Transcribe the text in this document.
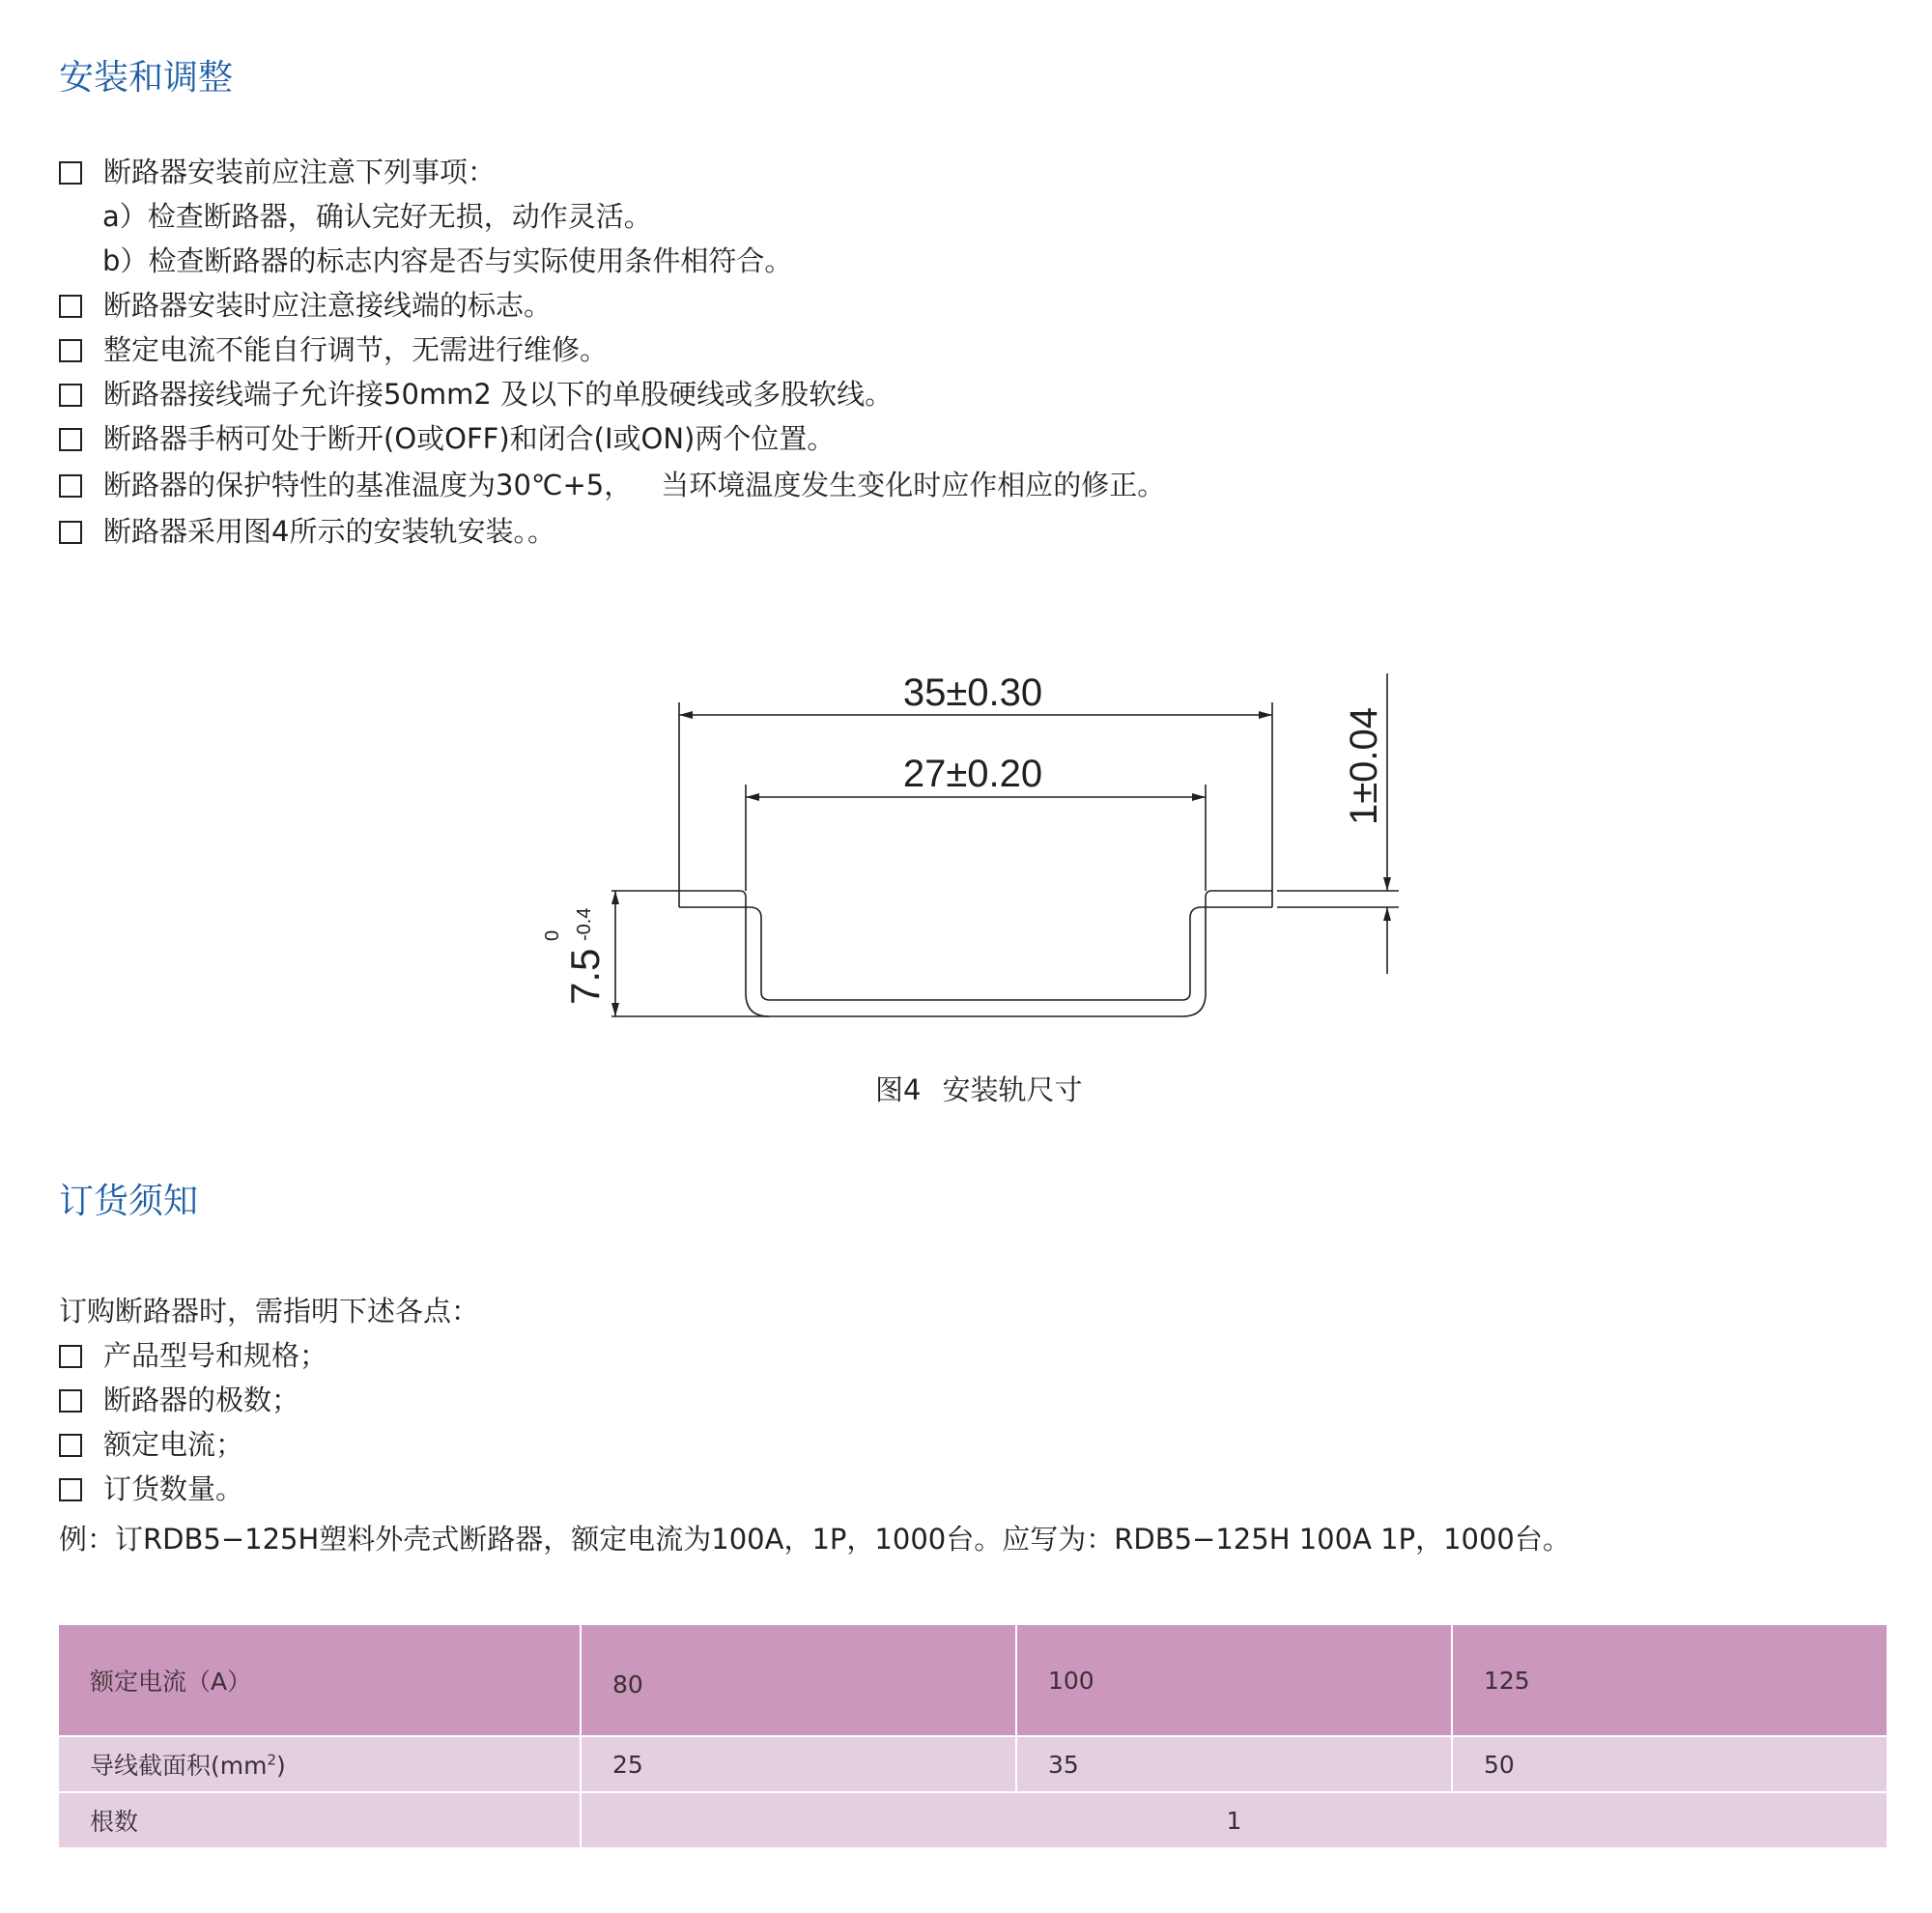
安装和调整
断路器安装前应注意下列事项：
a）检查断路器，确认完好无损，动作灵活。
b）检查断路器的标志内容是否与实际使用条件相符合。
断路器安装时应注意接线端的标志。
整定电流不能自行调节，无需进行维修。
断路器接线端子允许接50mm2 及以下的单股硬线或多股软线。
断路器手柄可处于断开(O或OFF)和闭合(I或ON)两个位置。
断路器的保护特性的基准温度为30℃+5， 当环境温度发生变化时应作相应的修正。
断路器采用图4所示的安装轨安装。。
35±0.30
27±0.20	1±0.04
7.5
0 -0.4
图4 安装轨尺寸
订货须知
订购断路器时，需指明下述各点：
产品型号和规格；
断路器的极数；
额定电流；
订货数量。
例：订RDB5−125H塑料外壳式断路器，额定电流为100A，1P，1000台。应写为：RDB5−125H 100A 1P，1000台。
额定电流（A）	80	100	125
导线截面积$(mm^2)$	25	35	50
根数	1		
